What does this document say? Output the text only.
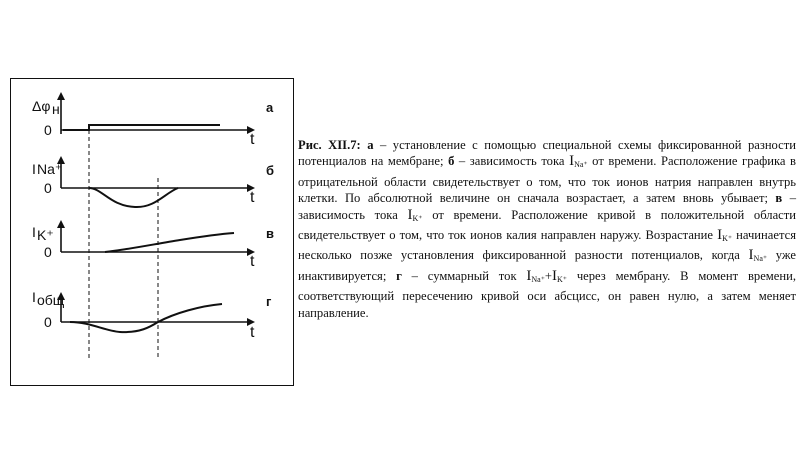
Δφ н
0
t
а
I Na⁺
0
t
б
I K⁺
0
t
в
I общ
0
t
г
Рис. XII.7: а – установление с помощью специальной схемы фиксированной разности потенциалов на мембране; б – зависимость тока $I_{Na^+}$ от времени. Расположение графика в отрицательной области свидетельствует о том, что ток ионов натрия направлен внутрь клетки. По абсолютной величине он сначала возрастает, а затем вновь убывает; в – зависимость тока $I_{K^+}$ от времени. Расположение кривой в положительной области свидетельствует о том, что ток ионов калия направлен наружу. Возрастание $I_{K^+}$ начинается несколько позже установления фиксированной разности потенциалов, когда $I_{Na^+}$ уже инактивируется; г – суммарный ток $I_{Na^+}+I_{K^+}$ через мембрану. В момент времени, соответствующий пересечению кривой оси абсцисс, он равен нулю, а затем меняет направление.
